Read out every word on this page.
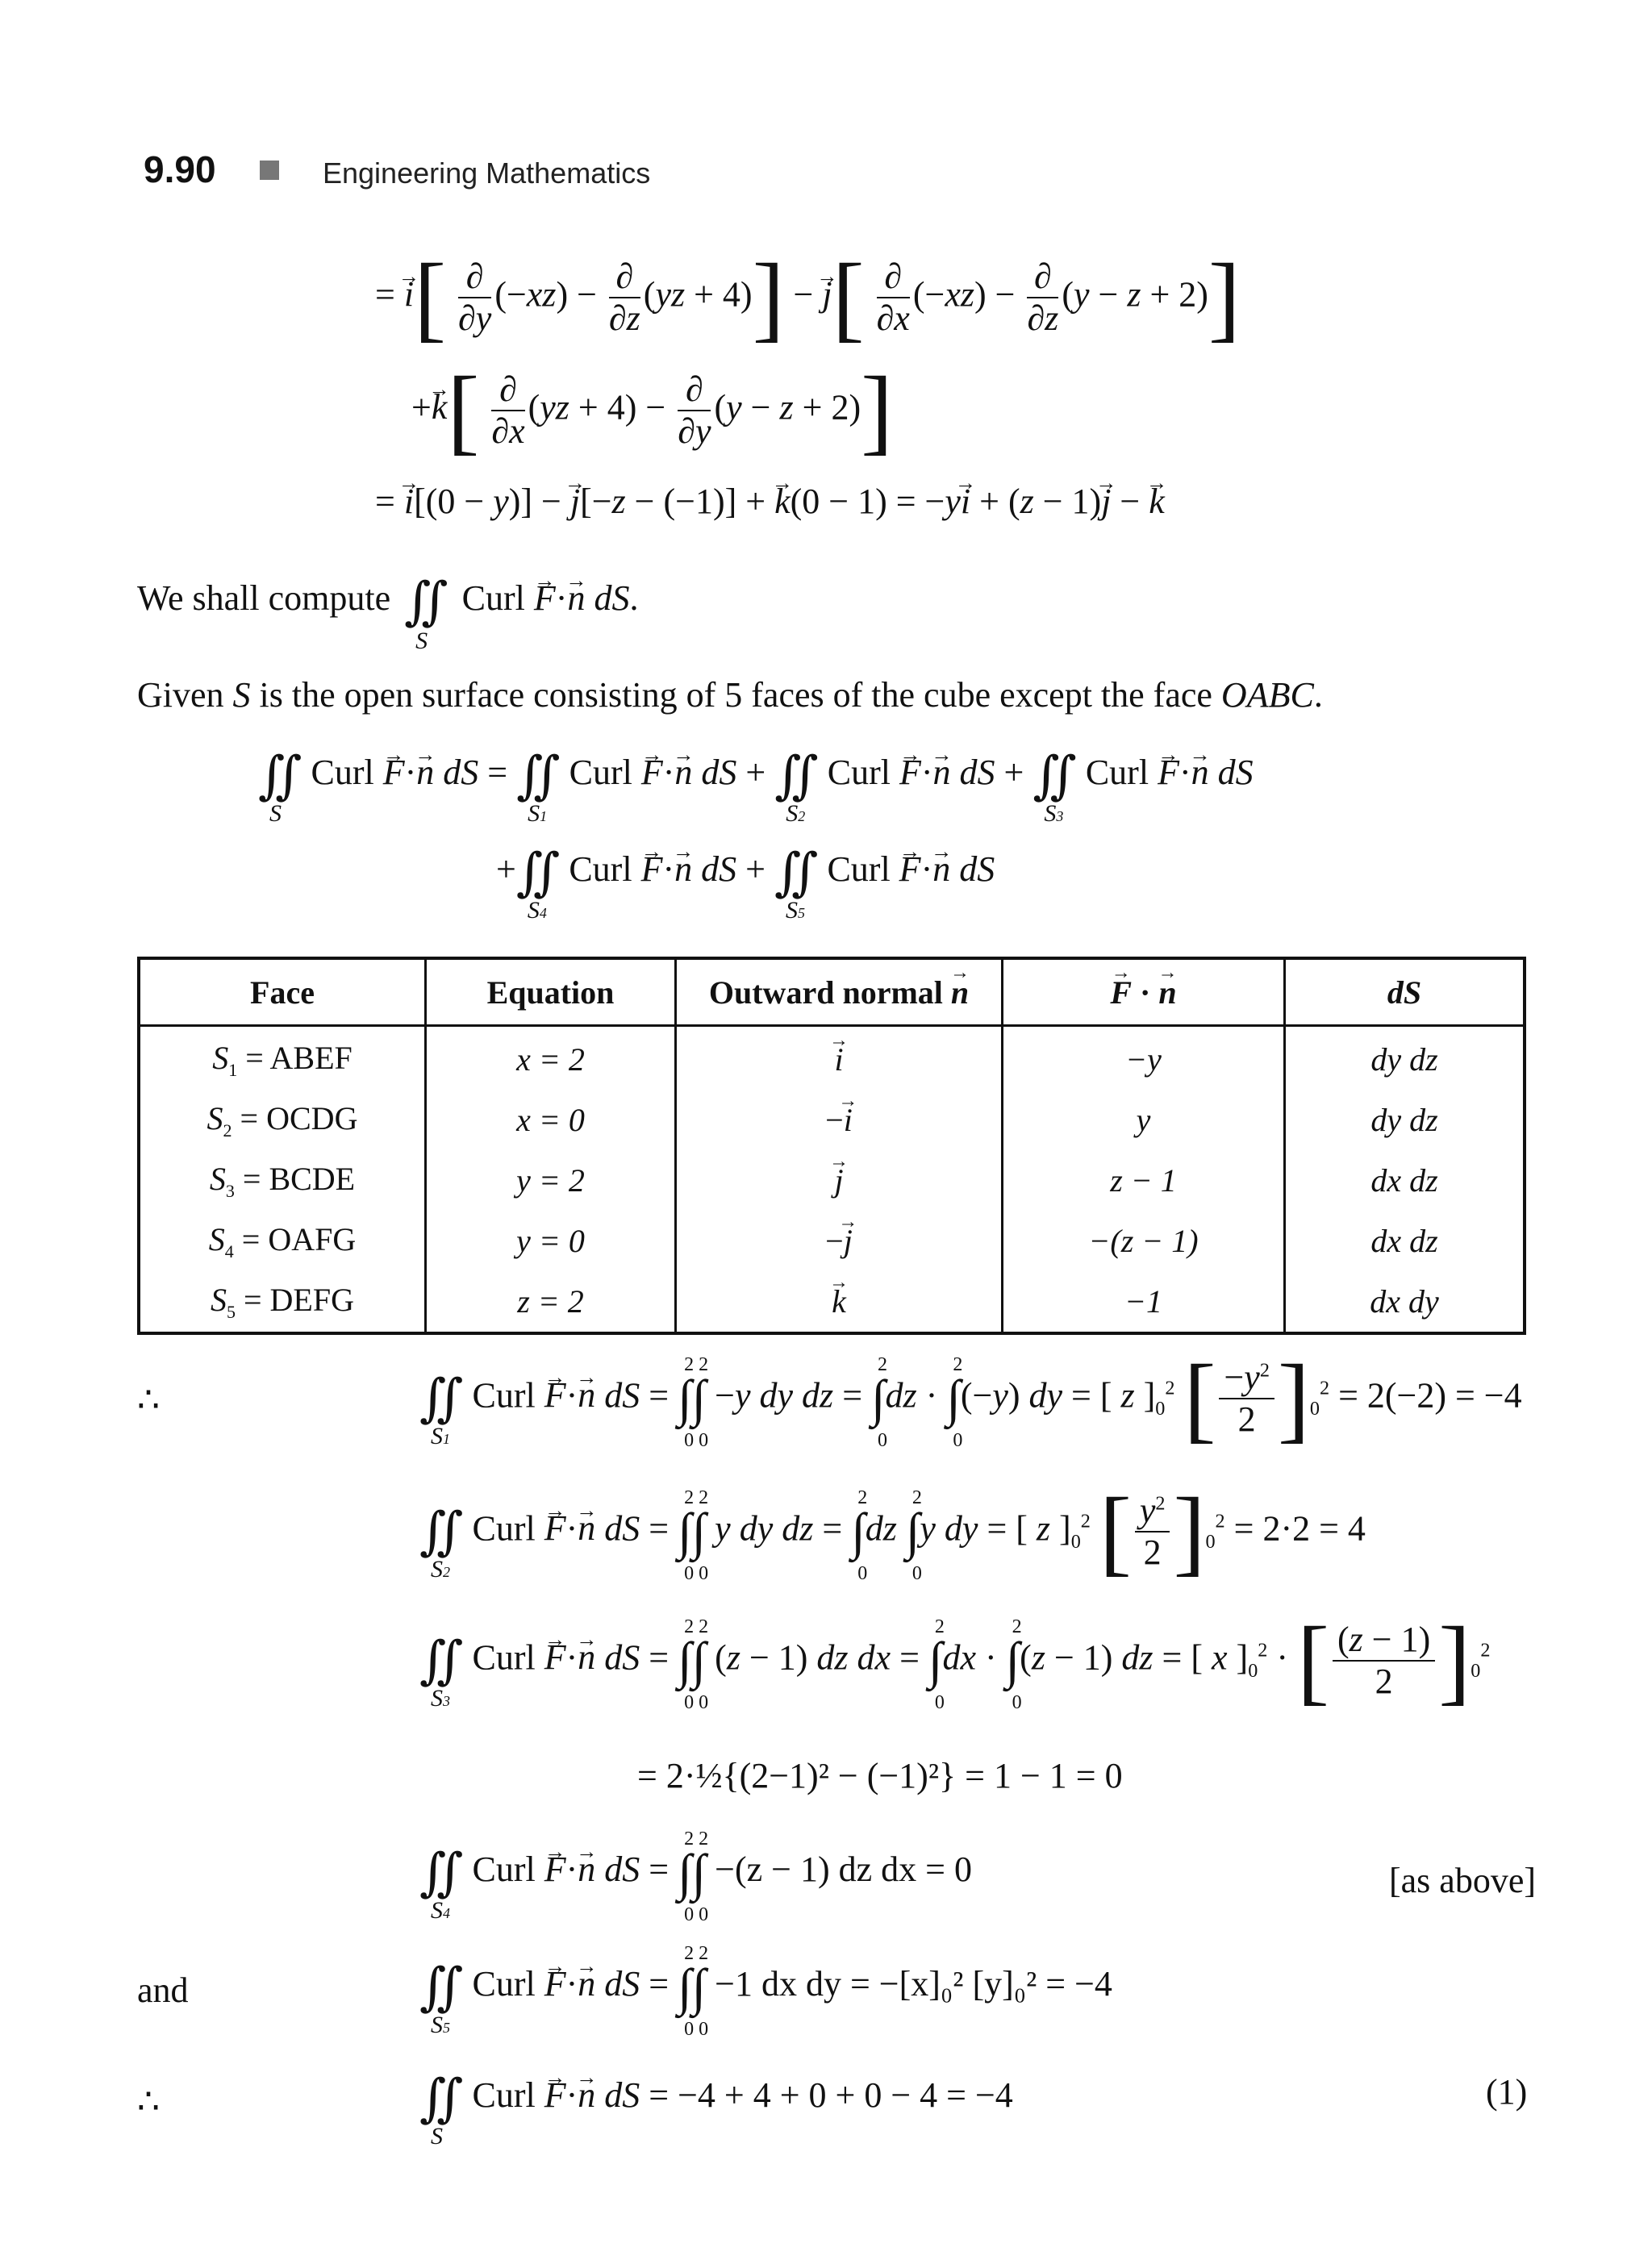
9.90	Engineering Mathematics
= → $i[ \frac{\partial}{\partial y} (-xz) - \frac{\partial}{\partial z} (yz + 4)]$ − → $j[ \frac{\partial}{\partial x} (-xz) - \frac{\partial}{\partial z} (y - z + 2)]$
+→ $k[ \frac{\partial}{\partial x} (yz + 4) - \frac{\partial}{\partial y} (y - z + 2)]$
= → i[(0 − y)] − → j[−z − (−1)] + → k(0 − 1) = −y→ i + (z − 1)→ j − → k
We shall compute ∬
S
Curl → F·→ n dS.
Given S is the open surface consisting of 5 faces of the cube except the face OABC.
∬
S
Curl → F·→ n dS = ∬
S1
Curl → F·→ n dS + ∬
S2
Curl → F·→ n dS + ∬
S3
Curl → F·→ n dS
+∬
S4
Curl → F·→ n dS + ∬
S5
Curl → F·→ n dS
Face	Equation	Outward normal → n	→ F · → n	dS
$S_1$ = ABEF	x = 2	→ i	−y	dy dz
$S_2$ = OCDG	x = 0	−→ i	y	dy dz
$S_3$ = BCDE	y = 2	→ j	z − 1	dx dz
$S_4$ = OAFG	y = 0	−→ j	−(z − 1)	dx dz
$S_5$ = DEFG	z = 2	→ k	−1	dx dy
∴	∬
S1
Curl → F·→ n dS = ∫∫
2 2
0 0
−y dy dz = ∫
2
0
dz · ∫
2
0
(−y) dy = [ z ]$_0^2$ [ $\frac{-y^2}{2} ]_0^2 = 2(-2) = -4$
∬
S2
Curl → F·→ n dS = ∫∫
2 2
0 0
y dy dz = ∫
2
0
dz ∫
2
0
y dy = [ z ]$_0^2$ [ $\frac{y^2}{2} ]_0^2 = 2\cdot 2 = 4$
∬
S3
Curl → F·→ n dS = ∫∫
2 2
0 0
(z − 1) dz dx = ∫
2
0
dx · ∫
2
0
(z − 1) dz = [ x ]$_0^2$ · [ $\frac{(z - 1)}{2} ]_0^2$
= 2·½{(2−1)² − (−1)²} = 1 − 1 = 0
∬
S4
Curl → F·→ n dS = ∫∫
2 2
0 0
−(z − 1) dz dx = 0	[as above]
and	∬
S5
Curl → F·→ n dS = ∫∫
2 2
0 0
−1 dx dy = −[x]₀² [y]₀² = −4
∴	∬
S
Curl → F·→ n dS = −4 + 4 + 0 + 0 − 4 = −4	(1)
